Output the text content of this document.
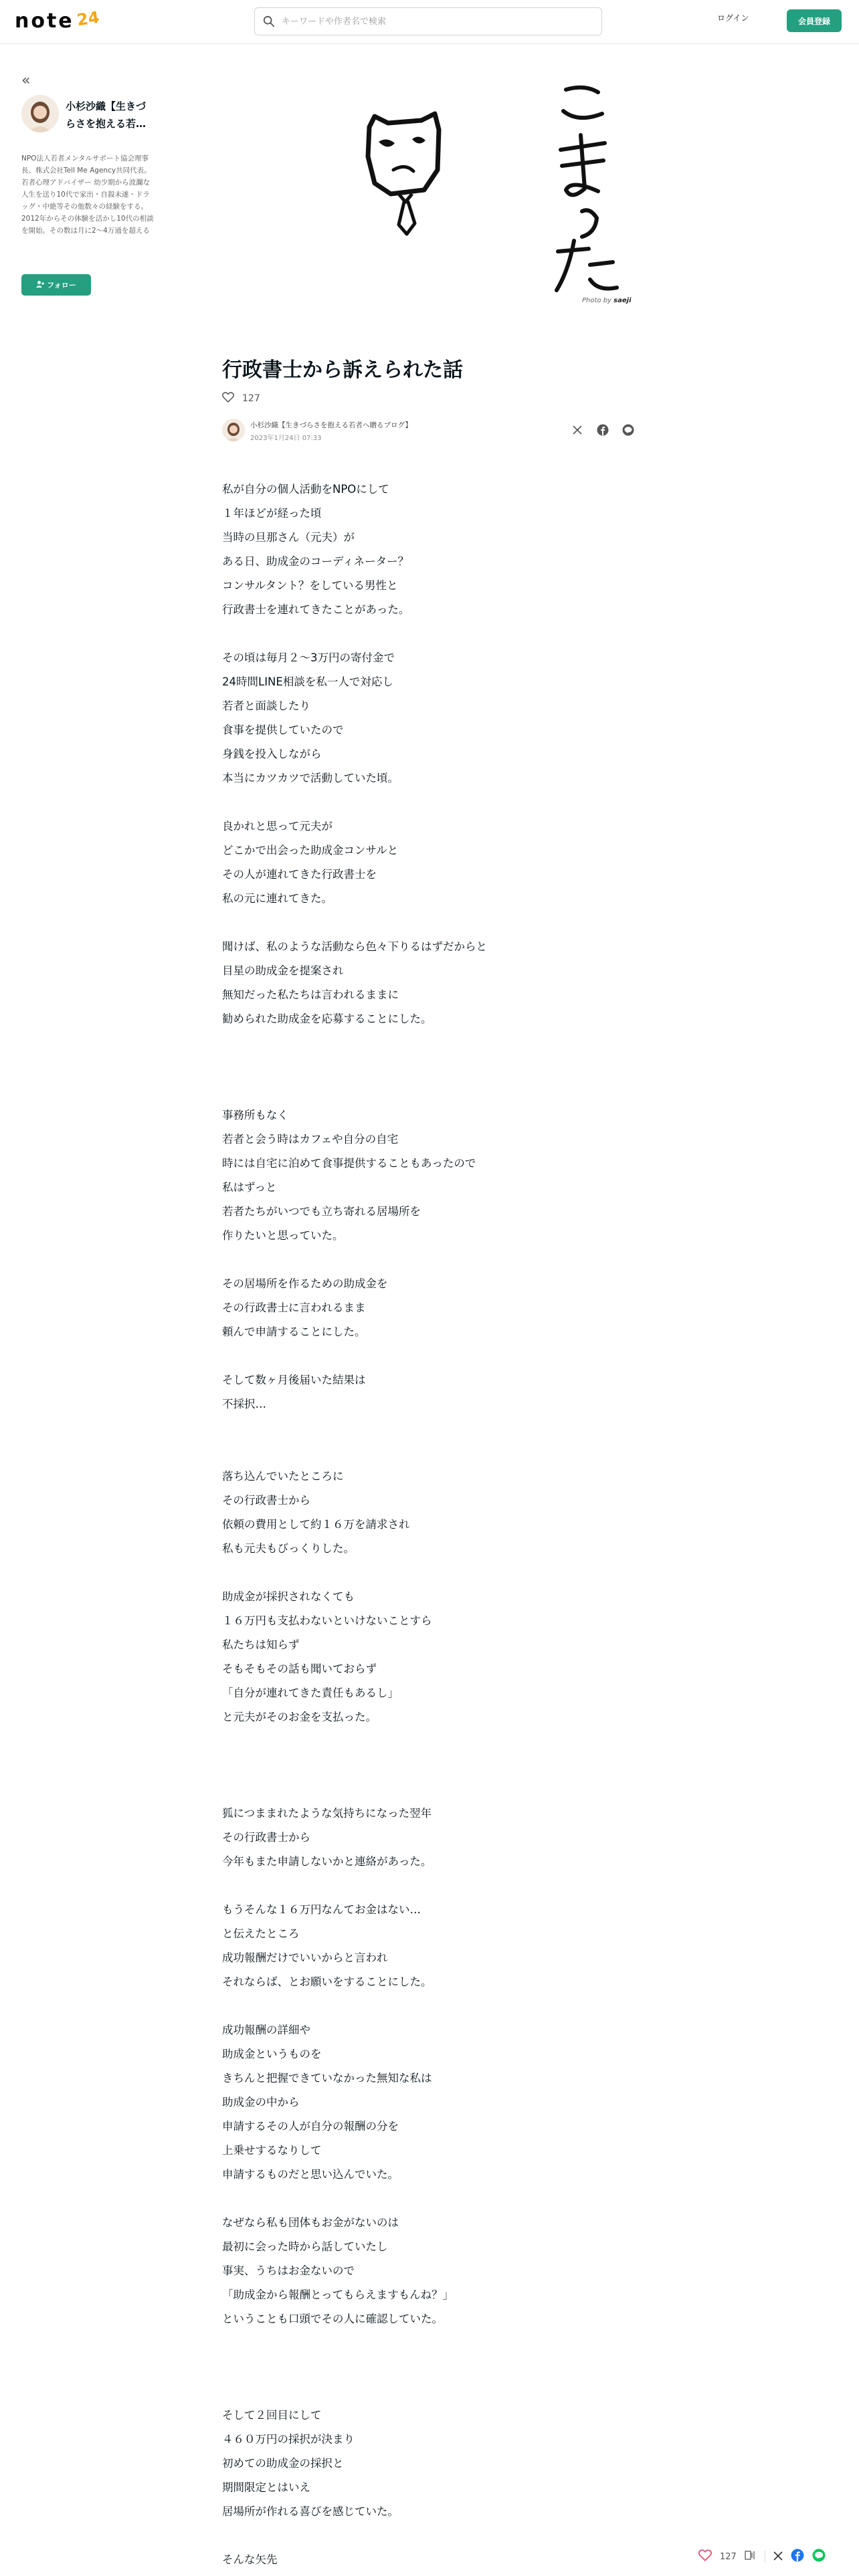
note 24
キーワードや作者名で検索	ログイン	会員登録
«
小杉沙織【生きづらさを抱える若…
NPO法人若者メンタルサポート協会理事長、株式会社Tell Me Agency共同代表。若者心理アドバイザー 幼少期から波瀾な人生を送り10代で家出・自殺未遂・ドラッグ・中絶等その他数々の経験をする。2012年からその体験を活かし10代の相談を開始。その数は月に2〜4万通を超える
フォロー
Photo by saeji
行政書士から訴えられた話
127
小杉沙織【生きづらさを抱える若者へ贈るブログ】
2023年1月24日 07:33
私が自分の個人活動をNPOにして
１年ほどが経った頃
当時の旦那さん（元夫）が
ある日、助成金のコーディネーター？
コンサルタント？をしている男性と
行政書士を連れてきたことがあった。
その頃は毎月２〜3万円の寄付金で
24時間LINE相談を私一人で対応し
若者と面談したり
食事を提供していたので
身銭を投入しながら
本当にカツカツで活動していた頃。
良かれと思って元夫が
どこかで出会った助成金コンサルと
その人が連れてきた行政書士を
私の元に連れてきた。
聞けば、私のような活動なら色々下りるはずだからと
目星の助成金を提案され
無知だった私たちは言われるままに
勧められた助成金を応募することにした。
事務所もなく
若者と会う時はカフェや自分の自宅
時には自宅に泊めて食事提供することもあったので
私はずっと
若者たちがいつでも立ち寄れる居場所を
作りたいと思っていた。
その居場所を作るための助成金を
その行政書士に言われるまま
頼んで申請することにした。
そして数ヶ月後届いた結果は
不採択…
落ち込んでいたところに
その行政書士から
依頼の費用として約１６万を請求され
私も元夫もびっくりした。
助成金が採択されなくても
１６万円も支払わないといけないことすら
私たちは知らず
そもそもその話も聞いておらず
「自分が連れてきた責任もあるし」
と元夫がそのお金を支払った。
狐につままれたような気持ちになった翌年
その行政書士から
今年もまた申請しないかと連絡があった。
もうそんな１６万円なんてお金はない…
と伝えたところ
成功報酬だけでいいからと言われ
それならば、とお願いをすることにした。
成功報酬の詳細や
助成金というものを
きちんと把握できていなかった無知な私は
助成金の中から
申請するその人が自分の報酬の分を
上乗せするなりして
申請するものだと思い込んでいた。
なぜなら私も団体もお金がないのは
最初に会った時から話していたし
事実、うちはお金ないので
「助成金から報酬とってもらえますもんね？」
ということも口頭でその人に確認していた。
そして２回目にして
４６０万円の採択が決まり
初めての助成金の採択と
期間限定とはいえ
居場所が作れる喜びを感じていた。
そんな矢先	127
